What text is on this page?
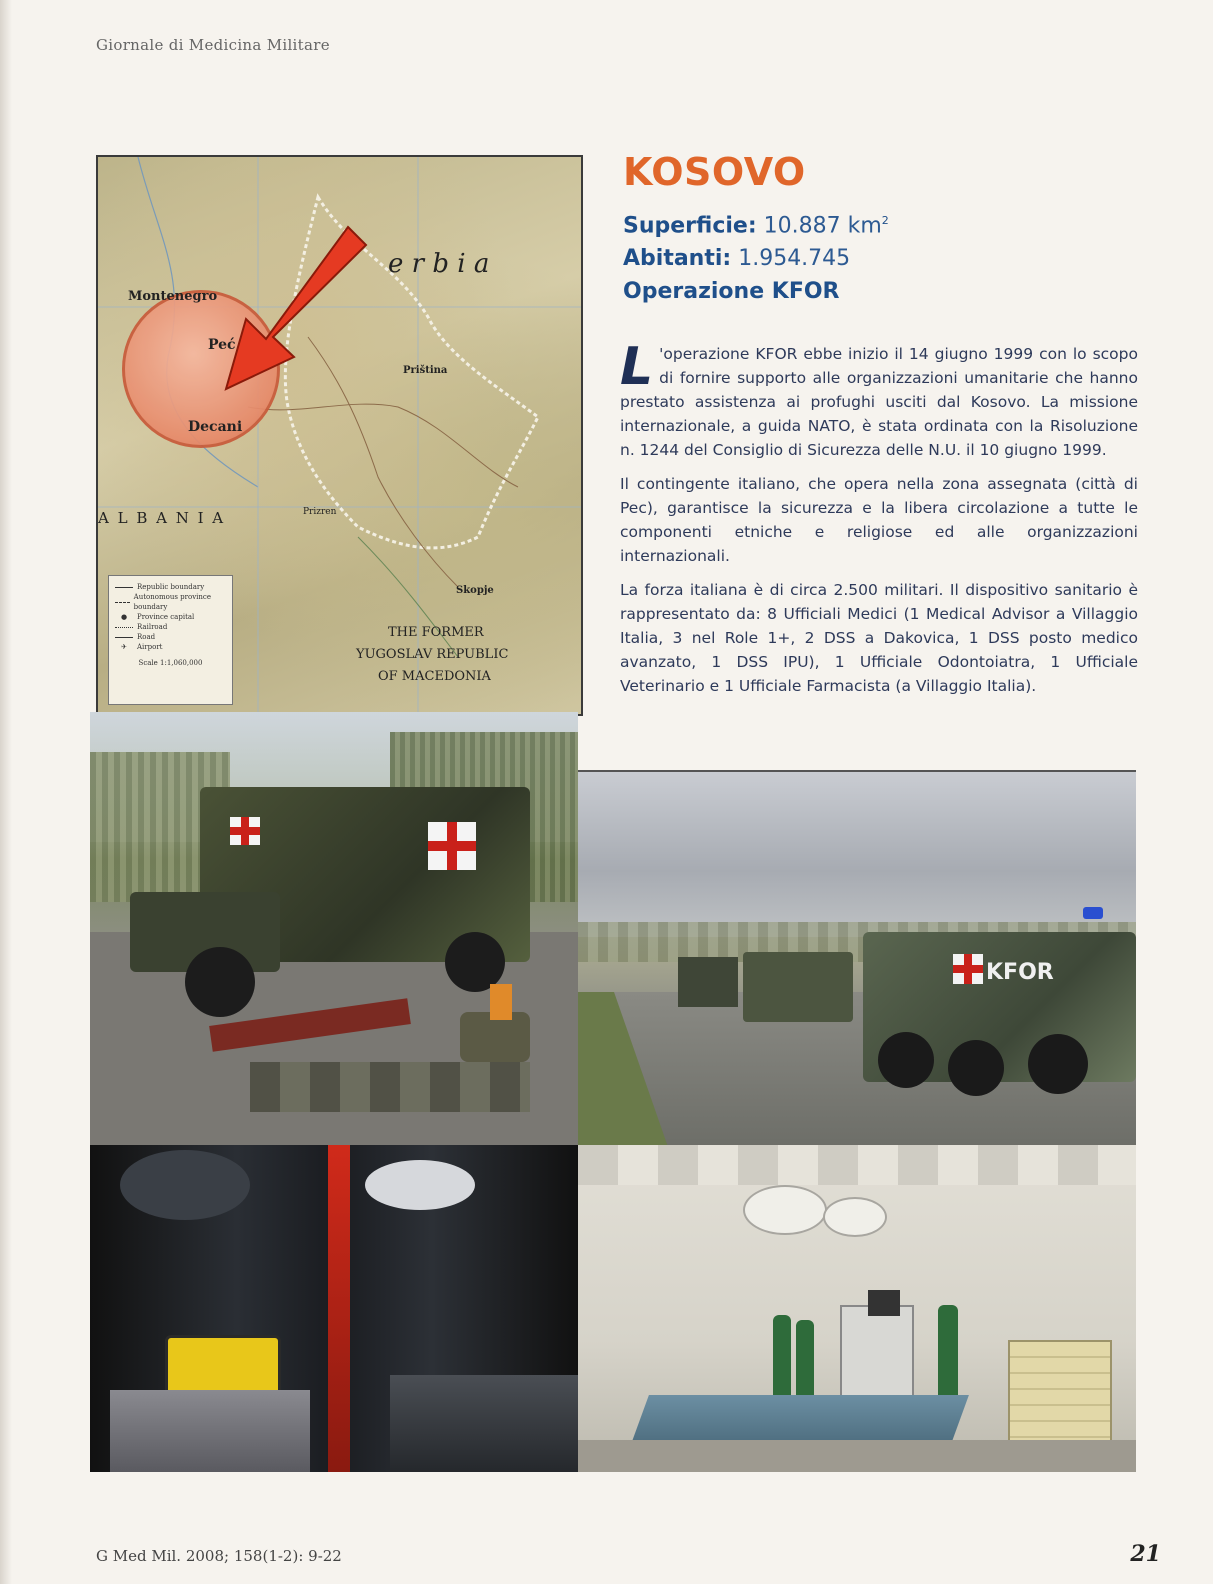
Giornale di Medicina Militare
Montenegro
e r b i a
Peć
Decani
Priština
A L B A N I A	Prizren
Skopje
THE FORMER
YUGOSLAV REPUBLIC
OF MACEDONIA
Republic boundary
Autonomous province boundary
●	Province capital
Railroad
Road
✈	Airport
Scale 1:1,060,000
KOSOVO
Superficie: 10.887 $km^2$
Abitanti: 1.954.745
Operazione KFOR

L 'operazione KFOR ebbe inizio il 14 giugno 1999 con lo scopo di fornire supporto alle organizzazioni umanitarie che hanno prestato assistenza ai profughi usciti dal Kosovo. La missione internazionale, a guida NATO, è stata ordinata con la Risoluzione n. 1244 del Consiglio di Sicurezza delle N.U. il 10 giugno 1999.

Il contingente italiano, che opera nella zona assegnata (città di Pec), garantisce la sicurezza e la libera circolazione a tutte le componenti etniche e religiose ed alle organizzazioni internazionali.

La forza italiana è di circa 2.500 militari. Il dispositivo sanitario è rappresentato da: 8 Ufficiali Medici (1 Medical Advisor a Villaggio Italia, 3 nel Role 1+, 2 DSS a Dakovica, 1 DSS posto medico avanzato, 1 DSS IPU), 1 Ufficiale Odontoiatra, 1 Ufficiale Veterinario e 1 Ufficiale Farmacista (a Villaggio Italia).

KFOR
G Med Mil. 2008; 158(1-2): 9-22	21
